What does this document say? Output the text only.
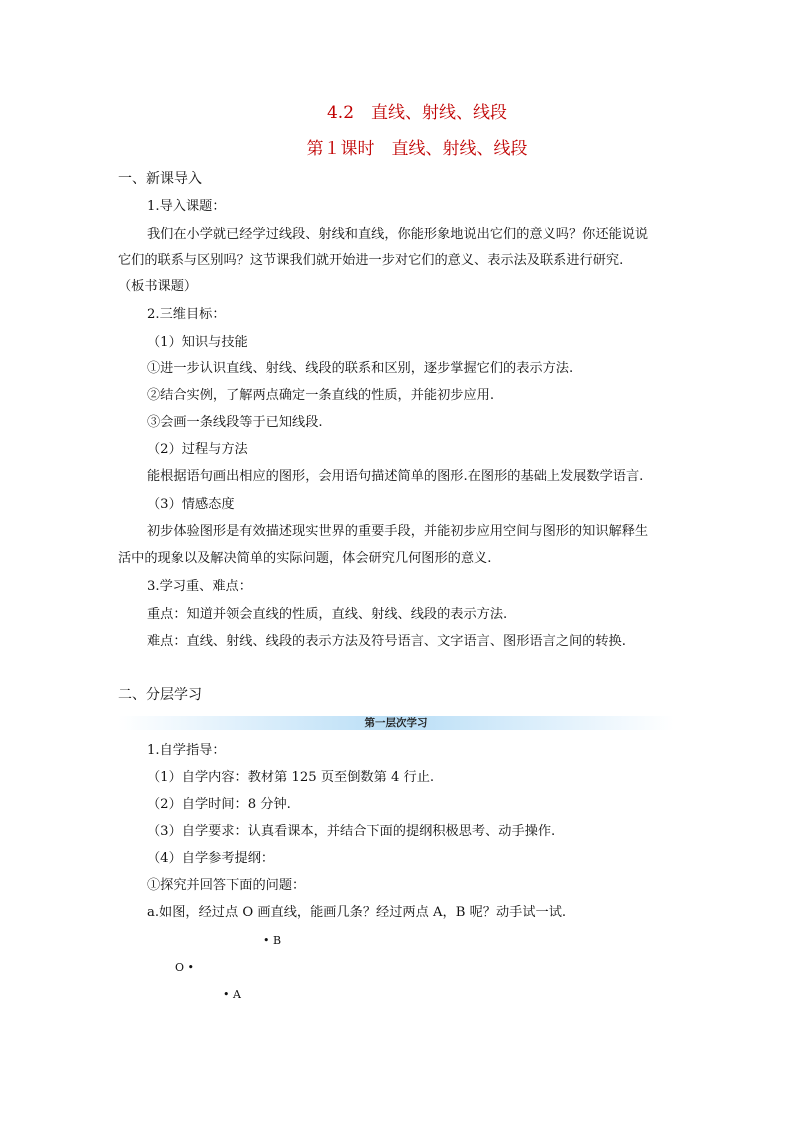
4.2　直线、射线、线段
第１课时　直线、射线、线段
一、新课导入
1.导入课题：
我们在小学就已经学过线段、射线和直线，你能形象地说出它们的意义吗？你还能说说
它们的联系与区别吗？这节课我们就开始进一步对它们的意义、表示法及联系进行研究.
（板书课题）
2.三维目标：
（1）知识与技能
①进一步认识直线、射线、线段的联系和区别，逐步掌握它们的表示方法.
②结合实例，了解两点确定一条直线的性质，并能初步应用.
③会画一条线段等于已知线段.
（2）过程与方法
能根据语句画出相应的图形，会用语句描述简单的图形.在图形的基础上发展数学语言.
（3）情感态度
初步体验图形是有效描述现实世界的重要手段，并能初步应用空间与图形的知识解释生
活中的现象以及解决简单的实际问题，体会研究几何图形的意义.
3.学习重、难点：
重点：知道并领会直线的性质，直线、射线、线段的表示方法.
难点：直线、射线、线段的表示方法及符号语言、文字语言、图形语言之间的转换.
二、分层学习
第一层次学习
1.自学指导：
（1）自学内容：教材第 125 页至倒数第 4 行止.
（2）自学时间：8 分钟.
（3）自学要求：认真看课本，并结合下面的提纲积极思考、动手操作.
（4）自学参考提纲：
①探究并回答下面的问题：
a.如图，经过点 O 画直线，能画几条？经过两点 A，B 呢？动手试一试.
• B
O •
• A
